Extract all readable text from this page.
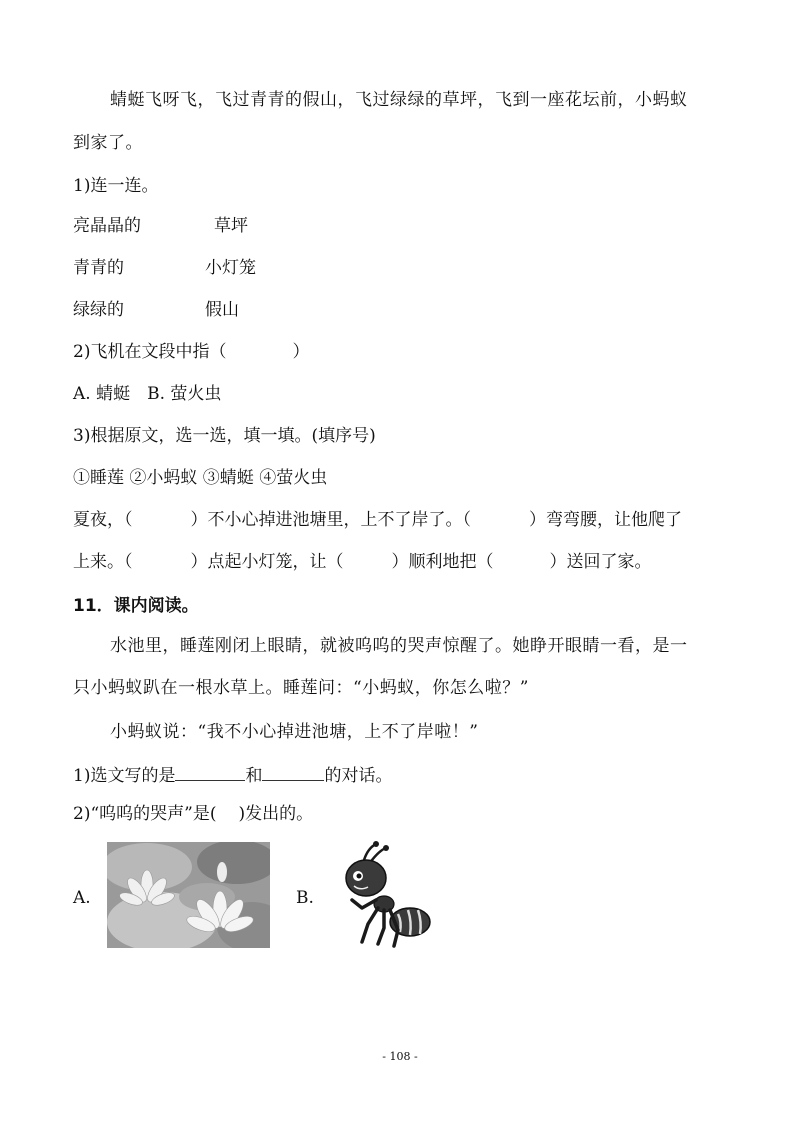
蜻蜓飞呀飞，飞过青青的假山，飞过绿绿的草坪，飞到一座花坛前，小蚂蚁
到家了。
1)连一连。
亮晶晶的	草坪
青青的	小灯笼
绿绿的	假山
2)飞机在文段中指（	）
A. 蜻蜓　B. 萤火虫
3)根据原文，选一选，填一填。(填序号)
①睡莲 ②小蚂蚁 ③蜻蜓 ④萤火虫
夏夜，（	）不小心掉进池塘里，上不了岸了。（	）弯弯腰，让他爬了
上来。（	）点起小灯笼，让（	）顺利地把（	）送回了家。
11．课内阅读。
水池里，睡莲刚闭上眼睛，就被呜呜的哭声惊醒了。她睁开眼睛一看，是一
只小蚂蚁趴在一根水草上。睡莲问：“小蚂蚁，你怎么啦？”
小蚂蚁说：“我不小心掉进池塘，上不了岸啦！”
1)选文写的是	和	的对话。
2)“呜呜的哭声”是( )发出的。
A.	B.
- 108 -
